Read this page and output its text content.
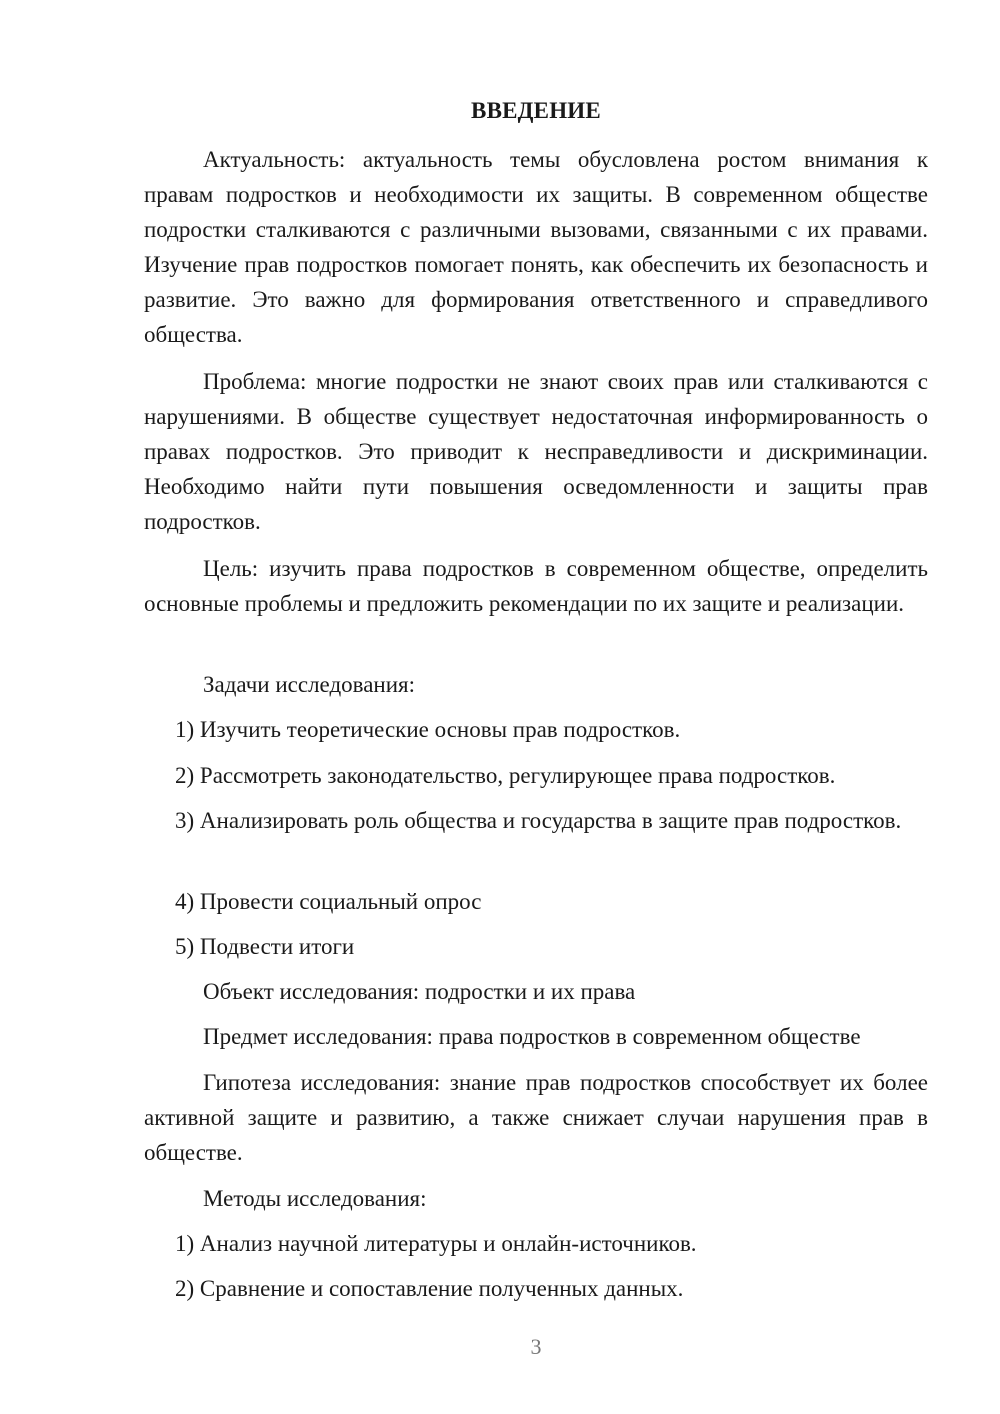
ВВЕДЕНИЕ

Актуальность: актуальность темы обусловлена ростом внимания к правам подростков и необходимости их защиты. В современном обществе подростки сталкиваются с различными вызовами, связанными с их правами. Изучение прав подростков помогает понять, как обеспечить их безопасность и развитие. Это важно для формирования ответственного и справедливого общества.

Проблема: многие подростки не знают своих прав или сталкиваются с нарушениями. В обществе существует недостаточная информированность о правах подростков. Это приводит к несправедливости и дискриминации. Необходимо найти пути повышения осведомленности и защиты прав подростков.

Цель: изучить права подростков в современном обществе, определить основные проблемы и предложить рекомендации по их защите и реализации.

Задачи исследования:

1) Изучить теоретические основы прав подростков.

2) Рассмотреть законодательство, регулирующее права подростков.

3) Анализировать роль общества и государства в защите прав подростков.

4) Провести социальный опрос

5) Подвести итоги

Объект исследования: подростки и их права

Предмет исследования: права подростков в современном обществе

Гипотеза исследования: знание прав подростков способствует их более активной защите и развитию, а также снижает случаи нарушения прав в обществе.

Методы исследования:

1) Анализ научной литературы и онлайн-источников.

2) Сравнение и сопоставление полученных данных.

3
